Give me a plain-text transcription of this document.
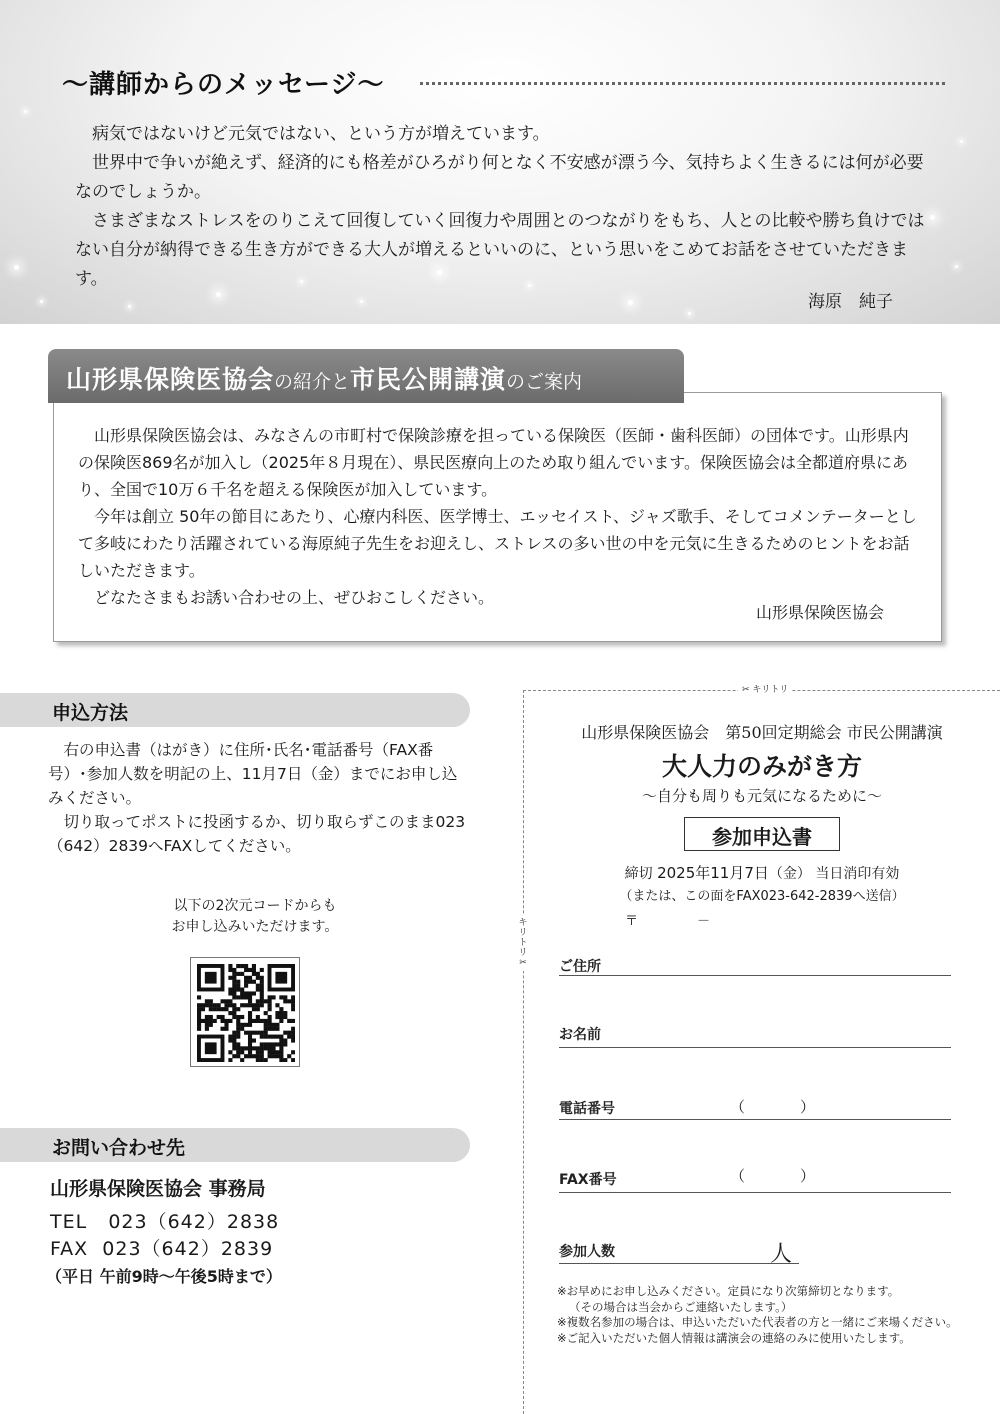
～講師からのメッセージ～

病気ではないけど元気ではない、という方が増えています。

世界中で争いが絶えず、経済的にも格差がひろがり何となく不安感が漂う今、気持ちよく生きるには何が必要なのでしょうか。

さまざまなストレスをのりこえて回復していく回復力や周囲とのつながりをもち、人との比較や勝ち負けではない自分が納得できる生き方ができる大人が増えるといいのに、という思いをこめてお話をさせていただきます。

海原　純子
山形県保険医協会の紹介と市民公開講演のご案内

山形県保険医協会は、みなさんの市町村で保険診療を担っている保険医（医師・歯科医師）の団体です。山形県内の保険医869名が加入し（2025年８月現在）、県民医療向上のため取り組んでいます。保険医協会は全都道府県にあり、全国で10万６千名を超える保険医が加入しています。

今年は創立 50年の節目にあたり、心療内科医、医学博士、エッセイスト、ジャズ歌手、そしてコメンテーターとして多岐にわたり活躍されている海原純子先生をお迎えし、ストレスの多い世の中を元気に生きるためのヒントをお話しいただきます。

どなたさまもお誘い合わせの上、ぜひおこしください。

山形県保険医協会
申込方法

右の申込書（はがき）に住所･氏名･電話番号（FAX番号）･参加人数を明記の上、11月7日（金）までにお申し込みください。

切り取ってポストに投函するか、切り取らずこのまま023（642）2839へFAXしてください。

以下の2次元コードからも
お申し込みいただけます。
お問い合わせ先
山形県保険医協会 事務局
TEL 023（642）2838
FAX 023（642）2839
（平日 午前9時～午後5時まで）
✂ キリトリ
キリトリ✂
山形県保険医協会　第50回定期総会 市民公開講演
大人力のみがき方
～自分も周りも元気になるために～
参加申込書
締切 2025年11月7日（金） 当日消印有効
（または、この面をFAX023-642-2839へ送信）
〒	－
ご住所
お名前
電話番号	（	）
FAX番号	（	）
参加人数	人
※お早めにお申し込みください。定員になり次第締切となります。
（その場合は当会からご連絡いたします。）
※複数名参加の場合は、申込いただいた代表者の方と一緒にご来場ください。
※ご記入いただいた個人情報は講演会の連絡のみに使用いたします。
